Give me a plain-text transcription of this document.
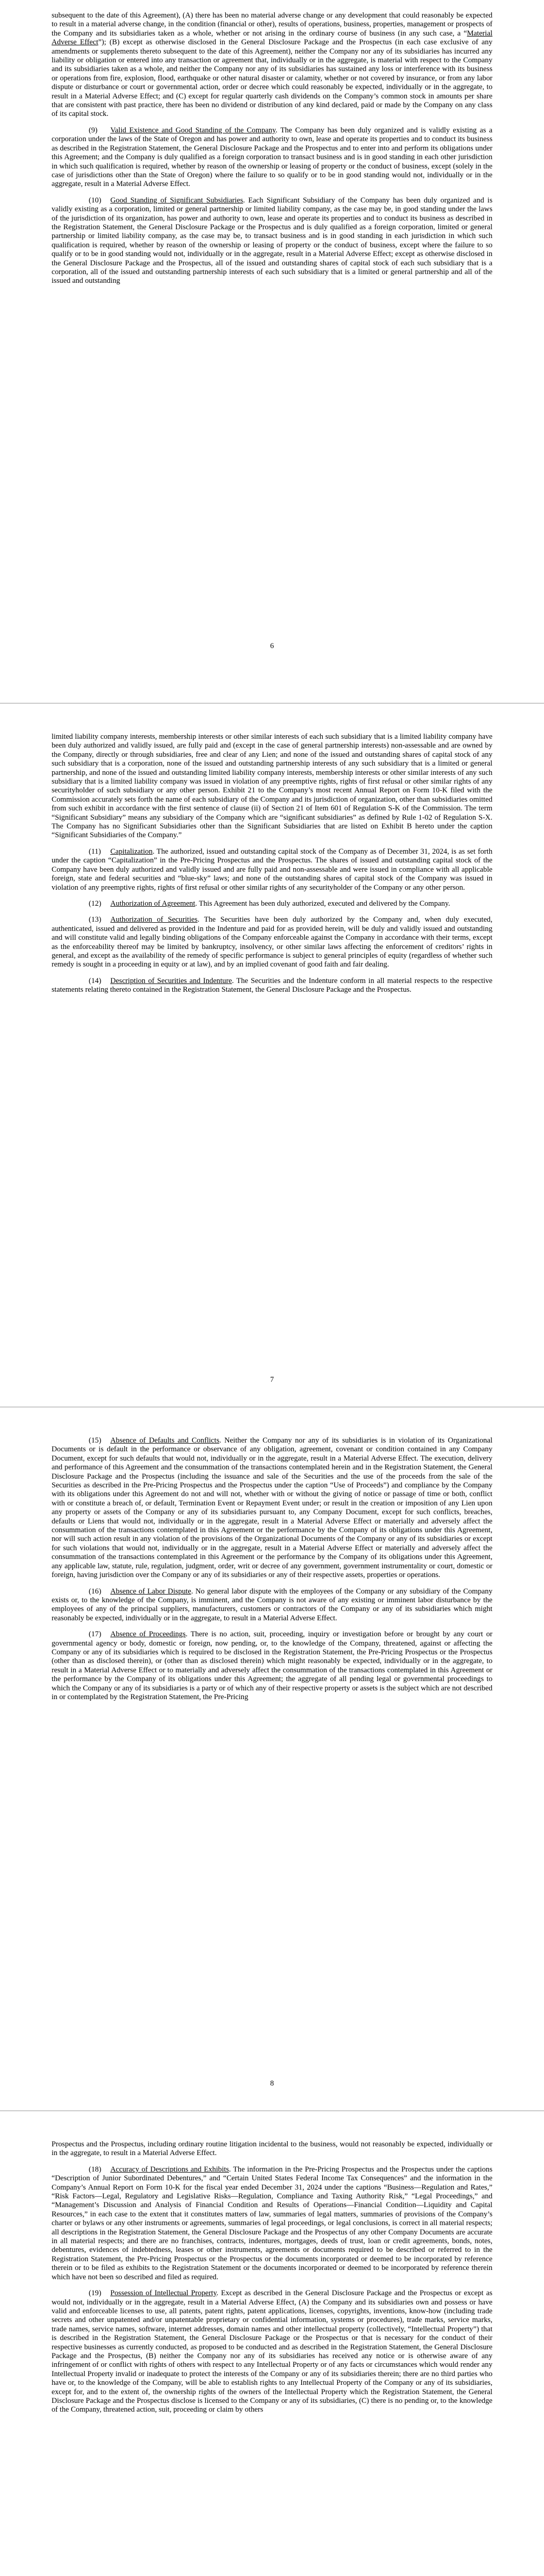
subsequent to the date of this Agreement), (A) there has been no material adverse change or any development that could reasonably be expected to result in a material adverse change, in the condition (financial or other), results of operations, business, properties, management or prospects of the Company and its subsidiaries taken as a whole, whether or not arising in the ordinary course of business (in any such case, a “Material Adverse Effect”); (B) except as otherwise disclosed in the General Disclosure Package and the Prospectus (in each case exclusive of any amendments or supplements thereto subsequent to the date of this Agreement), neither the Company nor any of its subsidiaries has incurred any liability or obligation or entered into any transaction or agreement that, individually or in the aggregate, is material with respect to the Company and its subsidiaries taken as a whole, and neither the Company nor any of its subsidiaries has sustained any loss or interference with its business or operations from fire, explosion, flood, earthquake or other natural disaster or calamity, whether or not covered by insurance, or from any labor dispute or disturbance or court or governmental action, order or decree which could reasonably be expected, individually or in the aggregate, to result in a Material Adverse Effect; and (C) except for regular quarterly cash dividends on the Company’s common stock in amounts per share that are consistent with past practice, there has been no dividend or distribution of any kind declared, paid or made by the Company on any class of its capital stock.

(9) Valid Existence and Good Standing of the Company. The Company has been duly organized and is validly existing as a corporation under the laws of the State of Oregon and has power and authority to own, lease and operate its properties and to conduct its business as described in the Registration Statement, the General Disclosure Package and the Prospectus and to enter into and perform its obligations under this Agreement; and the Company is duly qualified as a foreign corporation to transact business and is in good standing in each other jurisdiction in which such qualification is required, whether by reason of the ownership or leasing of property or the conduct of business, except (solely in the case of jurisdictions other than the State of Oregon) where the failure to so qualify or to be in good standing would not, individually or in the aggregate, result in a Material Adverse Effect.

(10) Good Standing of Significant Subsidiaries. Each Significant Subsidiary of the Company has been duly organized and is validly existing as a corporation, limited or general partnership or limited liability company, as the case may be, in good standing under the laws of the jurisdiction of its organization, has power and authority to own, lease and operate its properties and to conduct its business as described in the Registration Statement, the General Disclosure Package or the Prospectus and is duly qualified as a foreign corporation, limited or general partnership or limited liability company, as the case may be, to transact business and is in good standing in each jurisdiction in which such qualification is required, whether by reason of the ownership or leasing of property or the conduct of business, except where the failure to so qualify or to be in good standing would not, individually or in the aggregate, result in a Material Adverse Effect; except as otherwise disclosed in the General Disclosure Package and the Prospectus, all of the issued and outstanding shares of capital stock of each such subsidiary that is a corporation, all of the issued and outstanding partnership interests of each such subsidiary that is a limited or general partnership and all of the issued and outstanding

6

limited liability company interests, membership interests or other similar interests of each such subsidiary that is a limited liability company have been duly authorized and validly issued, are fully paid and (except in the case of general partnership interests) non-assessable and are owned by the Company, directly or through subsidiaries, free and clear of any Lien; and none of the issued and outstanding shares of capital stock of any such subsidiary that is a corporation, none of the issued and outstanding partnership interests of any such subsidiary that is a limited or general partnership, and none of the issued and outstanding limited liability company interests, membership interests or other similar interests of any such subsidiary that is a limited liability company was issued in violation of any preemptive rights, rights of first refusal or other similar rights of any securityholder of such subsidiary or any other person. Exhibit 21 to the Company’s most recent Annual Report on Form 10-K filed with the Commission accurately sets forth the name of each subsidiary of the Company and its jurisdiction of organization, other than subsidiaries omitted from such exhibit in accordance with the first sentence of clause (ii) of Section 21 of Item 601 of Regulation S-K of the Commission. The term “Significant Subsidiary” means any subsidiary of the Company which are “significant subsidiaries” as defined by Rule 1-02 of Regulation S-X. The Company has no Significant Subsidiaries other than the Significant Subsidiaries that are listed on Exhibit B hereto under the caption “Significant Subsidiaries of the Company.”

(11) Capitalization. The authorized, issued and outstanding capital stock of the Company as of December 31, 2024, is as set forth under the caption “Capitalization” in the Pre-Pricing Prospectus and the Prospectus. The shares of issued and outstanding capital stock of the Company have been duly authorized and validly issued and are fully paid and non-assessable and were issued in compliance with all applicable foreign, state and federal securities and “blue-sky” laws; and none of the outstanding shares of capital stock of the Company was issued in violation of any preemptive rights, rights of first refusal or other similar rights of any securityholder of the Company or any other person.

(12) Authorization of Agreement. This Agreement has been duly authorized, executed and delivered by the Company.

(13) Authorization of Securities. The Securities have been duly authorized by the Company and, when duly executed, authenticated, issued and delivered as provided in the Indenture and paid for as provided herein, will be duly and validly issued and outstanding and will constitute valid and legally binding obligations of the Company enforceable against the Company in accordance with their terms, except as the enforceability thereof may be limited by bankruptcy, insolvency, or other similar laws affecting the enforcement of creditors’ rights in general, and except as the availability of the remedy of specific performance is subject to general principles of equity (regardless of whether such remedy is sought in a proceeding in equity or at law), and by an implied covenant of good faith and fair dealing.

(14) Description of Securities and Indenture. The Securities and the Indenture conform in all material respects to the respective statements relating thereto contained in the Registration Statement, the General Disclosure Package and the Prospectus.

7

(15) Absence of Defaults and Conflicts. Neither the Company nor any of its subsidiaries is in violation of its Organizational Documents or is default in the performance or observance of any obligation, agreement, covenant or condition contained in any Company Document, except for such defaults that would not, individually or in the aggregate, result in a Material Adverse Effect. The execution, delivery and performance of this Agreement and the consummation of the transactions contemplated herein and in the Registration Statement, the General Disclosure Package and the Prospectus (including the issuance and sale of the Securities and the use of the proceeds from the sale of the Securities as described in the Pre-Pricing Prospectus and the Prospectus under the caption “Use of Proceeds”) and compliance by the Company with its obligations under this Agreement do not and will not, whether with or without the giving of notice or passage of time or both, conflict with or constitute a breach of, or default, Termination Event or Repayment Event under; or result in the creation or imposition of any Lien upon any property or assets of the Company or any of its subsidiaries pursuant to, any Company Document, except for such conflicts, breaches, defaults or Liens that would not, individually or in the aggregate, result in a Material Adverse Effect or materially and adversely affect the consummation of the transactions contemplated in this Agreement or the performance by the Company of its obligations under this Agreement, nor will such action result in any violation of the provisions of the Organizational Documents of the Company or any of its subsidiaries or except for such violations that would not, individually or in the aggregate, result in a Material Adverse Effect or materially and adversely affect the consummation of the transactions contemplated in this Agreement or the performance by the Company of its obligations under this Agreement, any applicable law, statute, rule, regulation, judgment, order, writ or decree of any government, government instrumentality or court, domestic or foreign, having jurisdiction over the Company or any of its subsidiaries or any of their respective assets, properties or operations.

(16) Absence of Labor Dispute. No general labor dispute with the employees of the Company or any subsidiary of the Company exists or, to the knowledge of the Company, is imminent, and the Company is not aware of any existing or imminent labor disturbance by the employees of any of the principal suppliers, manufacturers, customers or contractors of the Company or any of its subsidiaries which might reasonably be expected, individually or in the aggregate, to result in a Material Adverse Effect.

(17) Absence of Proceedings. There is no action, suit, proceeding, inquiry or investigation before or brought by any court or governmental agency or body, domestic or foreign, now pending, or, to the knowledge of the Company, threatened, against or affecting the Company or any of its subsidiaries which is required to be disclosed in the Registration Statement, the Pre-Pricing Prospectus or the Prospectus (other than as disclosed therein), or (other than as disclosed therein) which might reasonably be expected, individually or in the aggregate, to result in a Material Adverse Effect or to materially and adversely affect the consummation of the transactions contemplated in this Agreement or the performance by the Company of its obligations under this Agreement; the aggregate of all pending legal or governmental proceedings to which the Company or any of its subsidiaries is a party or of which any of their respective property or assets is the subject which are not described in or contemplated by the Registration Statement, the Pre-Pricing

8

Prospectus and the Prospectus, including ordinary routine litigation incidental to the business, would not reasonably be expected, individually or in the aggregate, to result in a Material Adverse Effect.

(18) Accuracy of Descriptions and Exhibits. The information in the Pre-Pricing Prospectus and the Prospectus under the captions “Description of Junior Subordinated Debentures,” and “Certain United States Federal Income Tax Consequences” and the information in the Company’s Annual Report on Form 10-K for the fiscal year ended December 31, 2024 under the captions “Business—Regulation and Rates,” “Risk Factors—Legal, Regulatory and Legislative Risks—Regulation, Compliance and Taxing Authority Risk,” “Legal Proceedings,” and “Management’s Discussion and Analysis of Financial Condition and Results of Operations—Financial Condition—Liquidity and Capital Resources,” in each case to the extent that it constitutes matters of law, summaries of legal matters, summaries of provisions of the Company’s charter or bylaws or any other instruments or agreements, summaries of legal proceedings, or legal conclusions, is correct in all material respects; all descriptions in the Registration Statement, the General Disclosure Package and the Prospectus of any other Company Documents are accurate in all material respects; and there are no franchises, contracts, indentures, mortgages, deeds of trust, loan or credit agreements, bonds, notes, debentures, evidences of indebtedness, leases or other instruments, agreements or documents required to be described or referred to in the Registration Statement, the Pre-Pricing Prospectus or the Prospectus or the documents incorporated or deemed to be incorporated by reference therein or to be filed as exhibits to the Registration Statement or the documents incorporated or deemed to be incorporated by reference therein which have not been so described and filed as required.

(19) Possession of Intellectual Property. Except as described in the General Disclosure Package and the Prospectus or except as would not, individually or in the aggregate, result in a Material Adverse Effect, (A) the Company and its subsidiaries own and possess or have valid and enforceable licenses to use, all patents, patent rights, patent applications, licenses, copyrights, inventions, know-how (including trade secrets and other unpatented and/or unpatentable proprietary or confidential information, systems or procedures), trade marks, service marks, trade names, service names, software, internet addresses, domain names and other intellectual property (collectively, “Intellectual Property”) that is described in the Registration Statement, the General Disclosure Package or the Prospectus or that is necessary for the conduct of their respective businesses as currently conducted, as proposed to be conducted and as described in the Registration Statement, the General Disclosure Package and the Prospectus, (B) neither the Company nor any of its subsidiaries has received any notice or is otherwise aware of any infringement of or conflict with rights of others with respect to any Intellectual Property or of any facts or circumstances which would render any Intellectual Property invalid or inadequate to protect the interests of the Company or any of its subsidiaries therein; there are no third parties who have or, to the knowledge of the Company, will be able to establish rights to any Intellectual Property of the Company or any of its subsidiaries, except for, and to the extent of, the ownership rights of the owners of the Intellectual Property which the Registration Statement, the General Disclosure Package and the Prospectus disclose is licensed to the Company or any of its subsidiaries, (C) there is no pending or, to the knowledge of the Company, threatened action, suit, proceeding or claim by others
